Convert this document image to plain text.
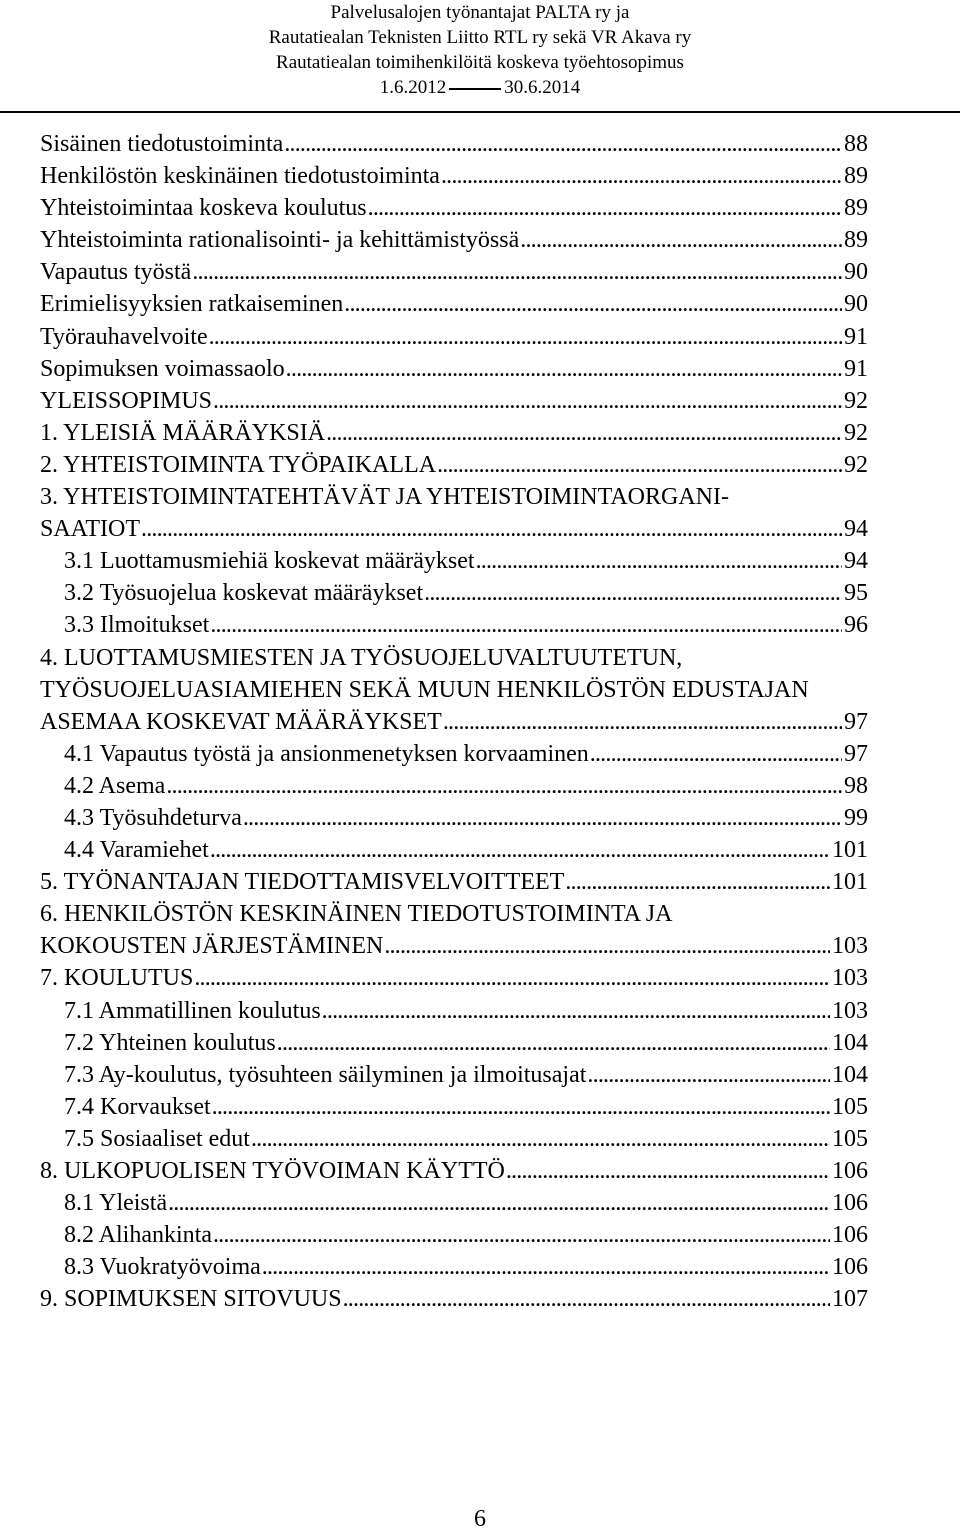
Palvelusalojen työnantajat PALTA ry ja
Rautatiealan Teknisten Liitto RTL ry sekä VR Akava ry
Rautatiealan toimihenkilöitä koskeva työehtosopimus
1.6.2012	30.6.2014
Sisäinen tiedotustoiminta . . .	88
Henkilöstön keskinäinen tiedotustoiminta . . .	89
Yhteistoimintaa koskeva koulutus . . .	89
Yhteistoiminta rationalisointi- ja kehittämistyössä . . .	89
Vapautus työstä . . .	90
Erimielisyyksien ratkaiseminen . . .	90
Työrauhavelvoite . . .	91
Sopimuksen voimassaolo . . .	91
YLEISSOPIMUS . . .	92
1. YLEISIÄ MÄÄRÄYKSIÄ . . .	92
2. YHTEISTOIMINTA TYÖPAIKALLA . . .	92
3. YHTEISTOIMINTATEHTÄVÄT JA YHTEISTOIMINTAORGANI-
SAATIOT . . .	94
3.1 Luottamusmiehiä koskevat määräykset . . .	94
3.2 Työsuojelua koskevat määräykset . . .	95
3.3 Ilmoitukset . . .	96
4. LUOTTAMUSMIESTEN JA TYÖSUOJELUVALTUUTETUN,
TYÖSUOJELUASIAMIEHEN SEKÄ MUUN HENKILÖSTÖN EDUSTAJAN
ASEMAA KOSKEVAT MÄÄRÄYKSET . . .	97
4.1 Vapautus työstä ja ansionmenetyksen korvaaminen . . .	97
4.2 Asema . . .	98
4.3 Työsuhdeturva . . .	99
4.4 Varamiehet . . .	101
5. TYÖNANTAJAN TIEDOTTAMISVELVOITTEET . . .	101
6. HENKILÖSTÖN KESKINÄINEN TIEDOTUSTOIMINTA JA
KOKOUSTEN JÄRJESTÄMINEN . . .	103
7. KOULUTUS . . .	103
7.1 Ammatillinen koulutus . . .	103
7.2 Yhteinen koulutus . . .	104
7.3 Ay-koulutus, työsuhteen säilyminen ja ilmoitusajat . . .	104
7.4 Korvaukset . . .	105
7.5 Sosiaaliset edut . . .	105
8. ULKOPUOLISEN TYÖVOIMAN KÄYTTÖ . . .	106
8.1 Yleistä . . .	106
8.2 Alihankinta . . .	106
8.3 Vuokratyövoima . . .	106
9. SOPIMUKSEN SITOVUUS . . .	107
6
